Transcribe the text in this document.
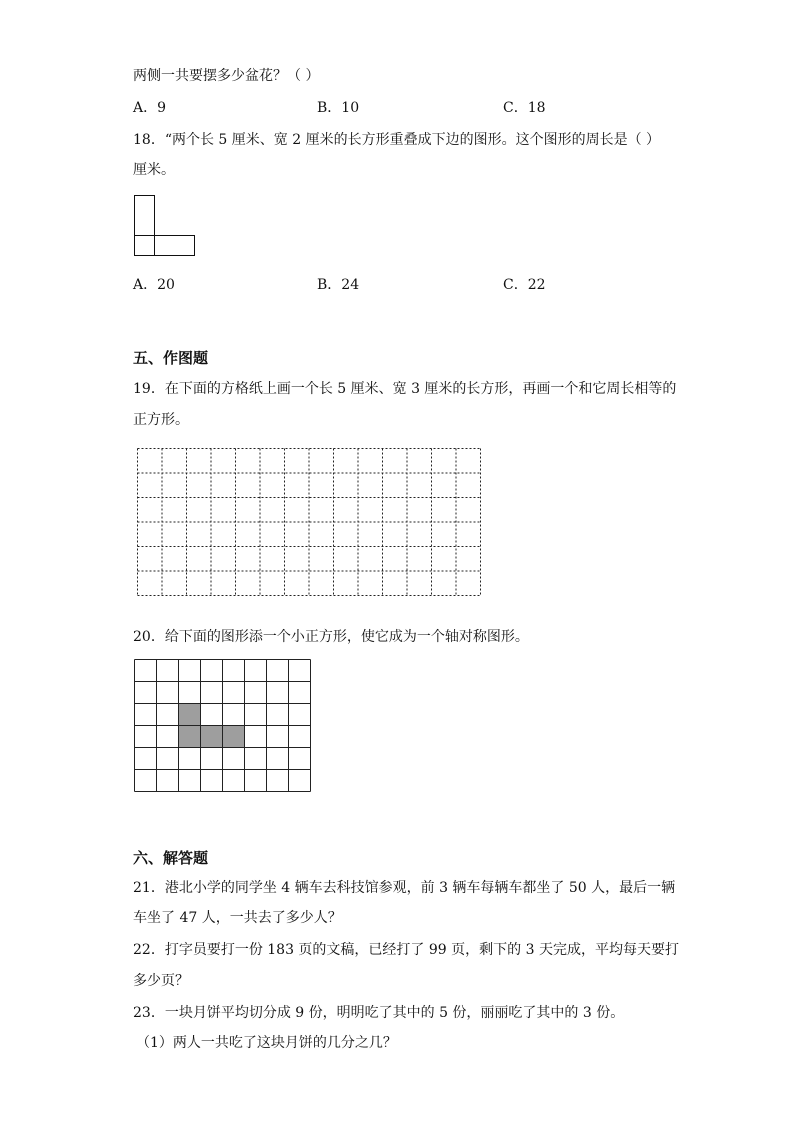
两侧一共要摆多少盆花？（ ）
A．9	B．10	C．18
18．“两个长 5 厘米、宽 2 厘米的长方形重叠成下边的图形。这个图形的周长是（ ）
厘米。
A．20	B．24	C．22
五、作图题
19．在下面的方格纸上画一个长 5 厘米、宽 3 厘米的长方形，再画一个和它周长相等的
正方形。
20．给下面的图形添一个小正方形，使它成为一个轴对称图形。
六、解答题
21．港北小学的同学坐 4 辆车去科技馆参观，前 3 辆车每辆车都坐了 50 人，最后一辆
车坐了 47 人，一共去了多少人？
22．打字员要打一份 183 页的文稿，已经打了 99 页，剩下的 3 天完成，平均每天要打
多少页？
23．一块月饼平均切分成 9 份，明明吃了其中的 5 份，丽丽吃了其中的 3 份。
（1）两人一共吃了这块月饼的几分之几？
